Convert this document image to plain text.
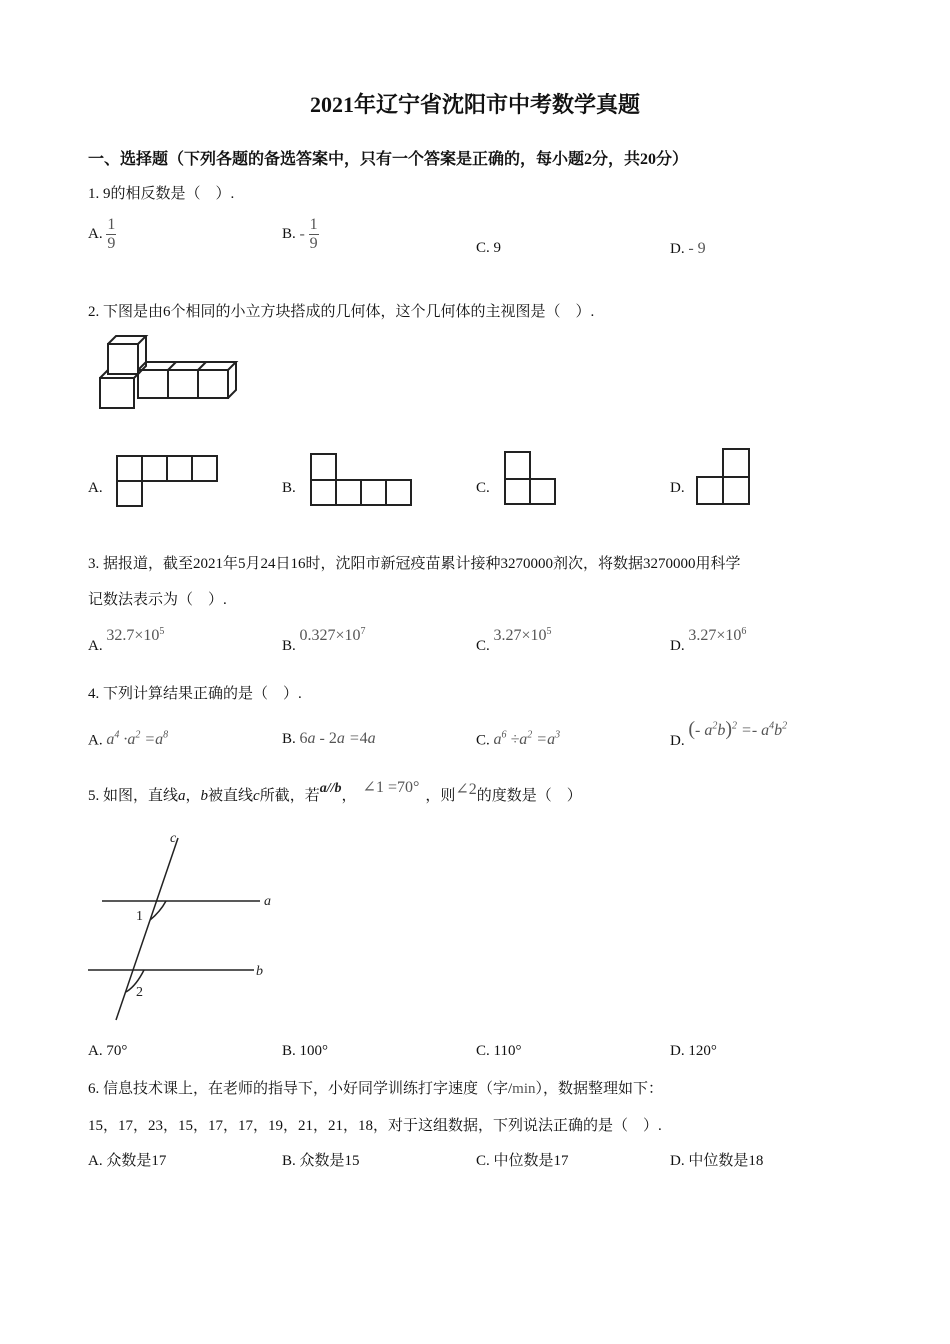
2021年辽宁省沈阳市中考数学真题
一、选择题（下列各题的备选答案中，只有一个答案是正确的，每小题2分，共20分）
1. 9的相反数是（　）.
A. $\frac{1}{9}$	B. - $\frac{1}{9}$	C. 9	D. - 9
2. 下图是由6个相同的小立方块搭成的几何体，这个几何体的主视图是（　）.
A.	B.	C.	D.
3. 据报道，截至2021年5月24日16时，沈阳市新冠疫苗累计接种3270000剂次，将数据3270000用科学
记数法表示为（　）.
A. $32.7\times 10^5$
B. $0.327\times 10^7$
C. $3.27\times 10^5$
D. $3.27\times 10^6$
4. 下列计算结果正确的是（　）.
A. $a^4 \cdot a^2 =a^8$	B. 6a - 2a =4a	C. $a^6 \div a^2 =a^3$	D. (- $a^2b)^2 =- a^4b^2$
5. 如图，直线a，b被直线c所截，若a//b， ∠1 =70° ，则∠2的度数是（　）
c
a
b
1
2
A. 70°	B. 100°	C. 110°	D. 120°
6. 信息技术课上，在老师的指导下，小好同学训练打字速度（字/min），数据整理如下：
15，17，23，15，17，17，19，21，21，18，对于这组数据，下列说法正确的是（　）.
A. 众数是17	B. 众数是15	C. 中位数是17	D. 中位数是18
